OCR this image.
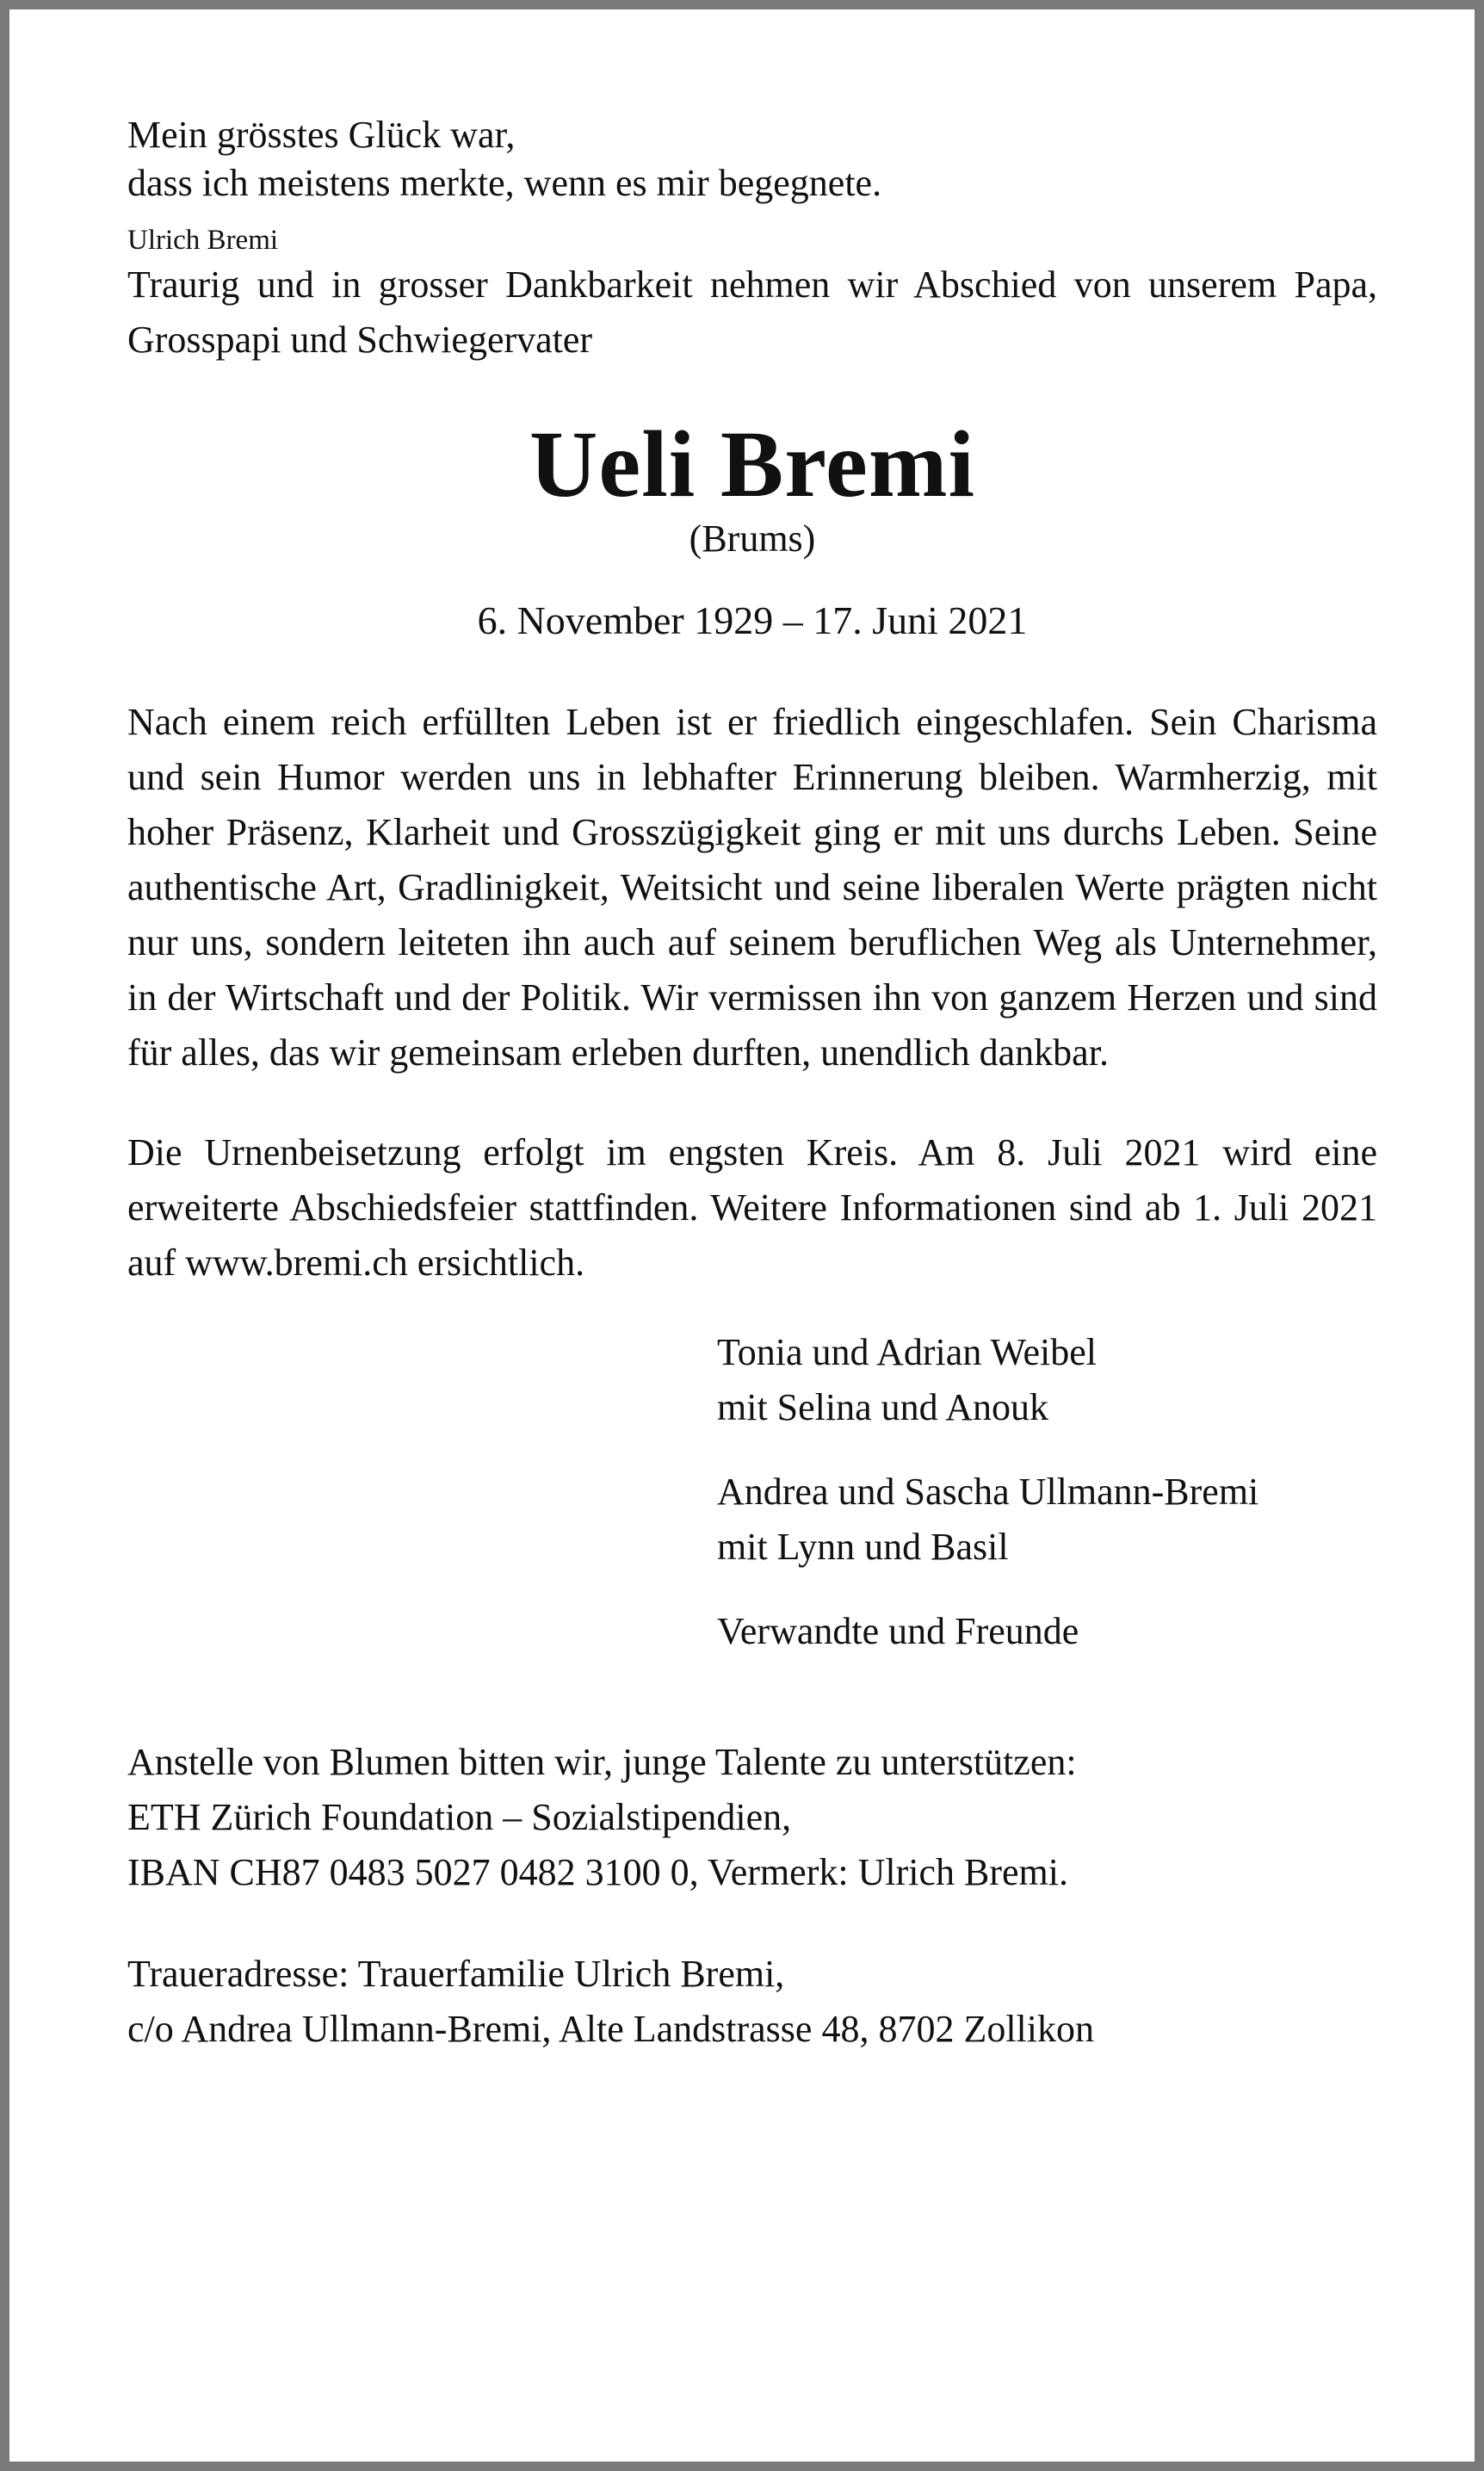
Mein grösstes Glück war,
dass ich meistens merkte, wenn es mir begegnete.

Ulrich Bremi

Traurig und in grosser Dankbarkeit nehmen wir Abschied von unserem Papa, Grosspapi und Schwiegervater

Ueli Bremi
(Brums)
6. November 1929 – 17. Juni 2021

Nach einem reich erfüllten Leben ist er friedlich eingeschlafen. Sein Charisma und sein Humor werden uns in lebhafter Erinnerung bleiben. Warmherzig, mit hoher Präsenz, Klarheit und Grosszügigkeit ging er mit uns durchs Leben. Seine authentische Art, Gradlinigkeit, Weitsicht und seine liberalen Werte prägten nicht nur uns, sondern leiteten ihn auch auf seinem beruflichen Weg als Unternehmer, in der Wirtschaft und der Politik. Wir vermissen ihn von ganzem Herzen und sind für alles, das wir gemeinsam erleben durften, unendlich dankbar.

Die Urnenbeisetzung erfolgt im engsten Kreis. Am 8. Juli 2021 wird eine erweiterte Abschiedsfeier stattfinden. Weitere Informationen sind ab 1. Juli 2021 auf www.bremi.ch ersichtlich.

Tonia und Adrian Weibel
mit Selina und Anouk
Andrea und Sascha Ullmann-Bremi
mit Lynn und Basil
Verwandte und Freunde

Anstelle von Blumen bitten wir, junge Talente zu unterstützen:
ETH Zürich Foundation – Sozialstipendien,
IBAN CH87 0483 5027 0482 3100 0, Vermerk: Ulrich Bremi.

Traueradresse: Trauerfamilie Ulrich Bremi,
c/o Andrea Ullmann-Bremi, Alte Landstrasse 48, 8702 Zollikon
